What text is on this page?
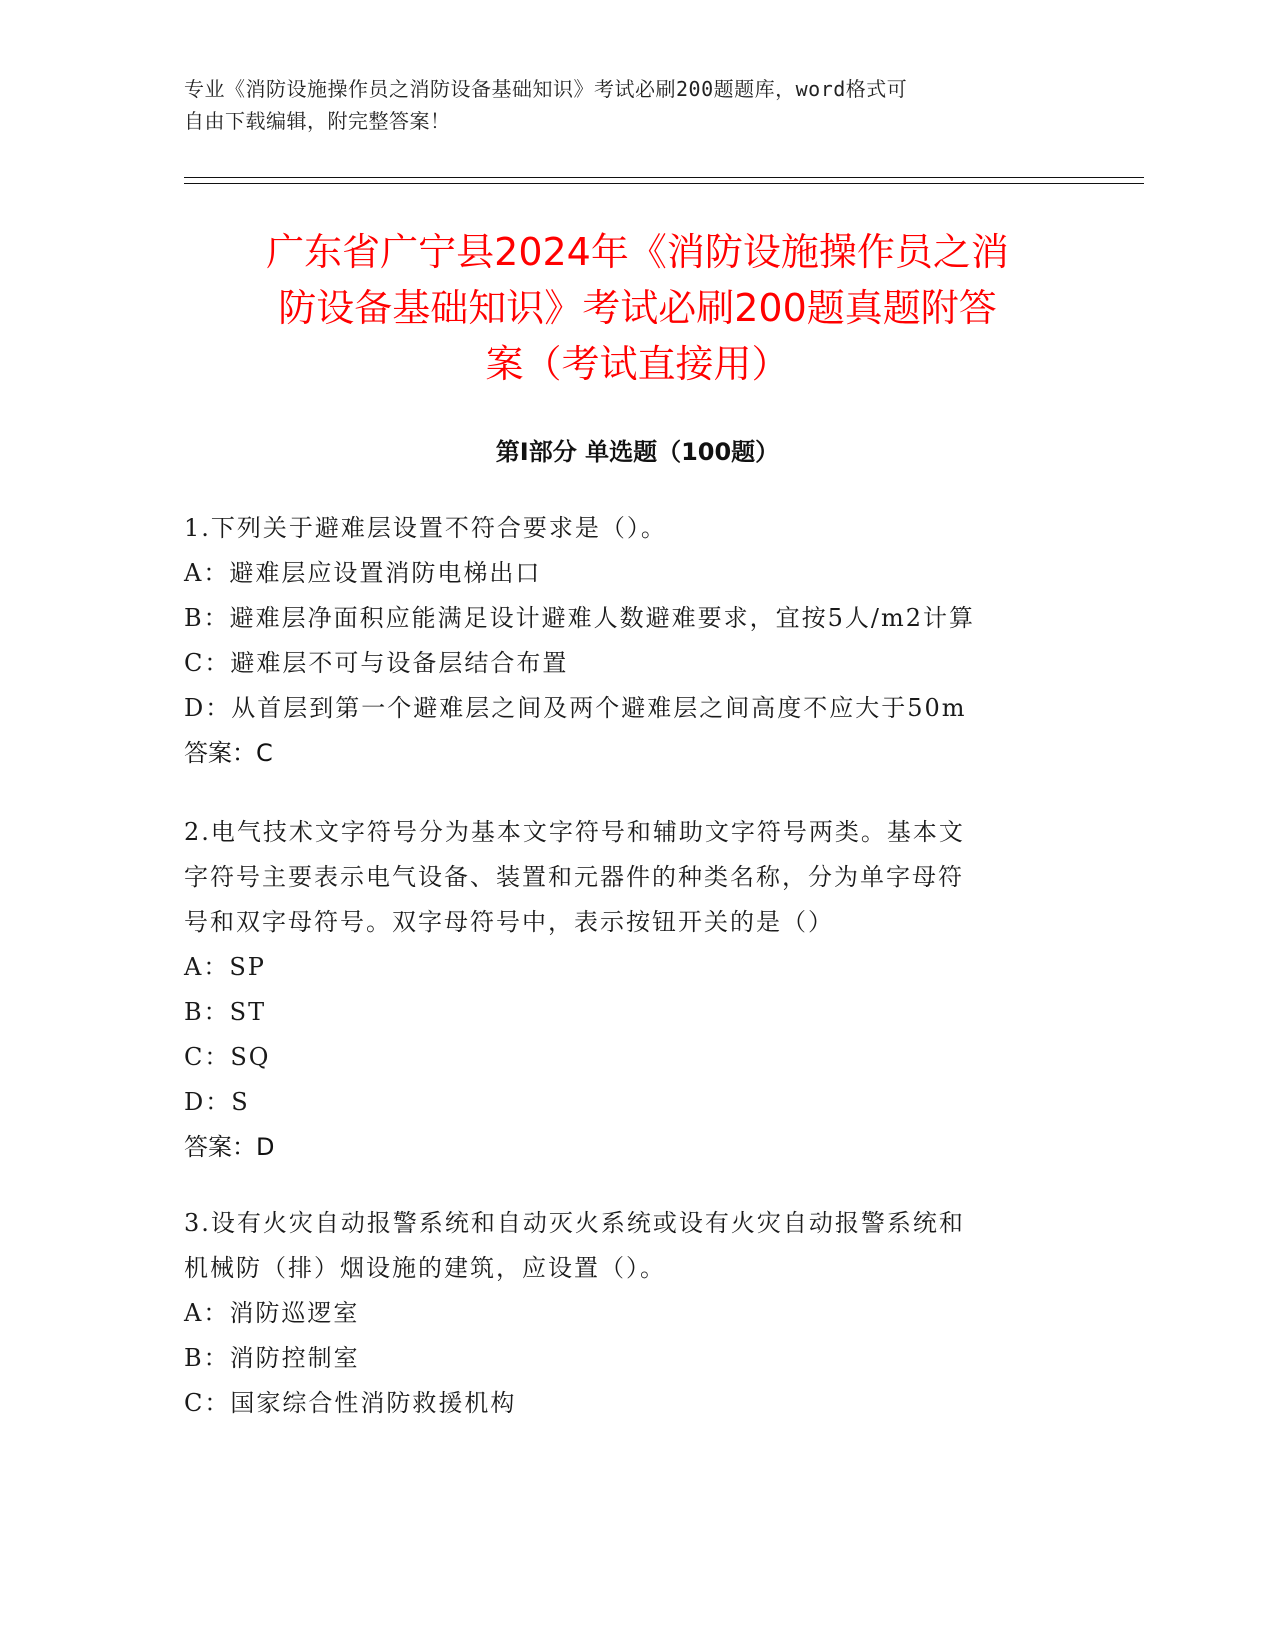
专业《消防设施操作员之消防设备基础知识》考试必刷200题题库，word格式可

自由下载编辑，附完整答案！

广东省广宁县2024年《消防设施操作员之消
防设备基础知识》考试必刷200题真题附答
案（考试直接用）
第Ⅰ部分 单选题（100题）

1.下列关于避难层设置不符合要求是（）。

A：避难层应设置消防电梯出口

B：避难层净面积应能满足设计避难人数避难要求，宜按5人/m2计算

C：避难层不可与设备层结合布置

D：从首层到第一个避难层之间及两个避难层之间高度不应大于50m

答案：C

2.电气技术文字符号分为基本文字符号和辅助文字符号两类。基本文

字符号主要表示电气设备、装置和元器件的种类名称，分为单字母符

号和双字母符号。双字母符号中，表示按钮开关的是（）

A：SP

B：ST

C：SQ

D：S

答案：D

3.设有火灾自动报警系统和自动灭火系统或设有火灾自动报警系统和

机械防（排）烟设施的建筑，应设置（）。

A：消防巡逻室

B：消防控制室

C：国家综合性消防救援机构
